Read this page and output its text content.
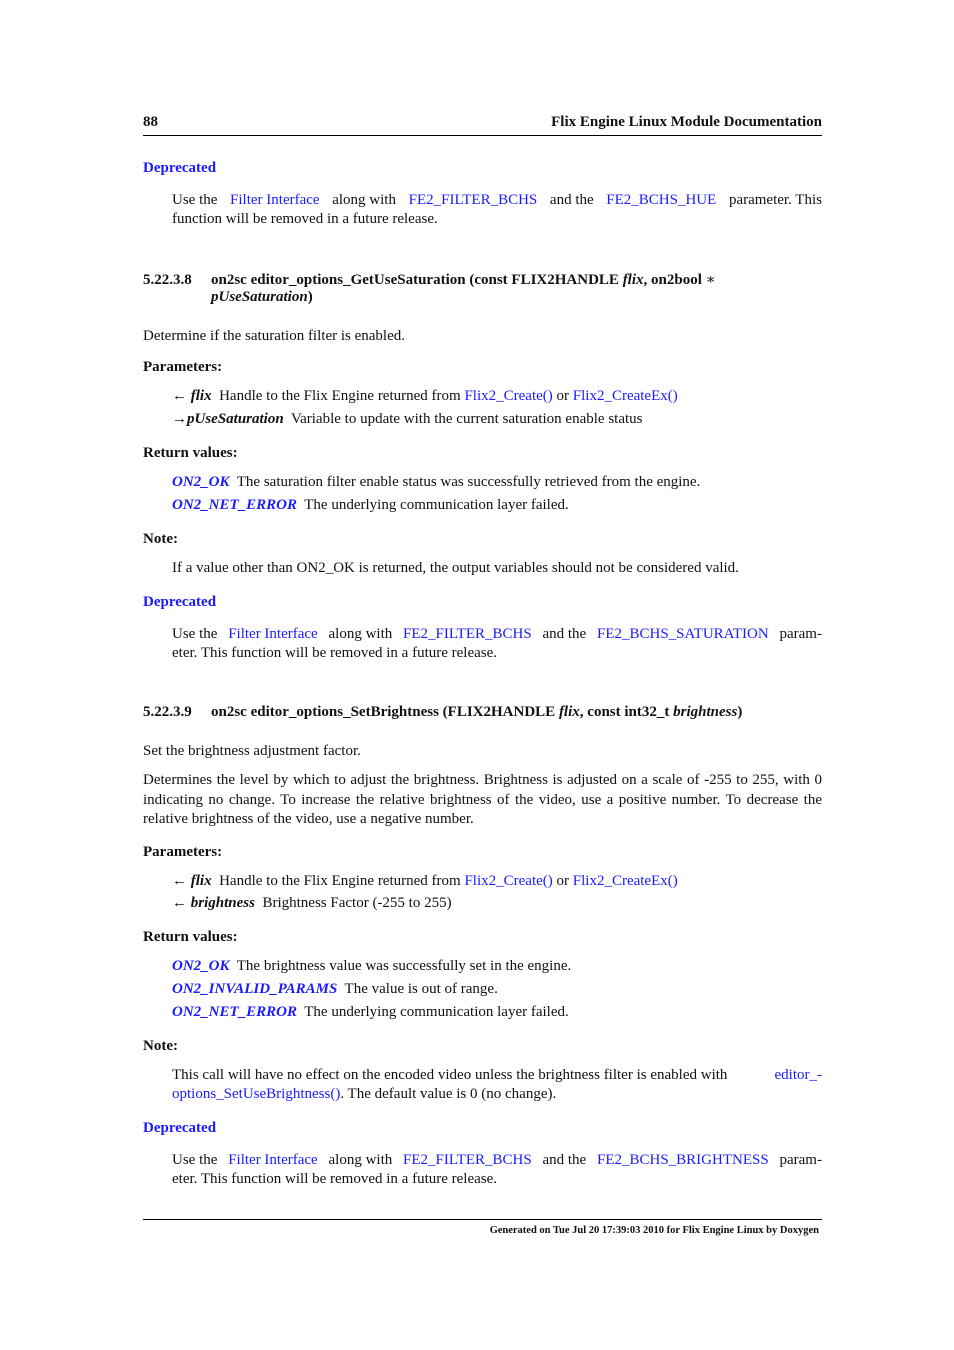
88	Flix Engine Linux Module Documentation
Deprecated
Use the Filter Interface along with FE2_FILTER_BCHS and the FE2_BCHS_HUE parameter. This
function will be removed in a future release.
5.22.3.8 on2sc editor_options_GetUseSaturation (const FLIX2HANDLE flix, on2bool ∗
pUseSaturation)
Determine if the saturation filter is enabled.
Parameters:
← flix Handle to the Flix Engine returned from Flix2_Create() or Flix2_CreateEx()
→pUseSaturation Variable to update with the current saturation enable status
Return values:
ON2_OK The saturation filter enable status was successfully retrieved from the engine.
ON2_NET_ERROR The underlying communication layer failed.
Note:
If a value other than ON2_OK is returned, the output variables should not be considered valid.
Deprecated
Use the Filter Interface along with FE2_FILTER_BCHS and the FE2_BCHS_SATURATION param-
eter. This function will be removed in a future release.
5.22.3.9 on2sc editor_options_SetBrightness (FLIX2HANDLE flix, const int32_t brightness)
Set the brightness adjustment factor.
Determines the level by which to adjust the brightness. Brightness is adjusted on a scale of -255 to 255, with 0 indicating no change. To increase the relative brightness of the video, use a positive number. To decrease the relative brightness of the video, use a negative number.
Parameters:
← flix Handle to the Flix Engine returned from Flix2_Create() or Flix2_CreateEx()
← brightness Brightness Factor (-255 to 255)
Return values:
ON2_OK The brightness value was successfully set in the engine.
ON2_INVALID_PARAMS The value is out of range.
ON2_NET_ERROR The underlying communication layer failed.
Note:
This call will have no effect on the encoded video unless the brightness filter is enabled with	editor_-
options_SetUseBrightness(). The default value is 0 (no change).
Deprecated
Use the Filter Interface along with FE2_FILTER_BCHS and the FE2_BCHS_BRIGHTNESS param-
eter. This function will be removed in a future release.
Generated on Tue Jul 20 17:39:03 2010 for Flix Engine Linux by Doxygen
